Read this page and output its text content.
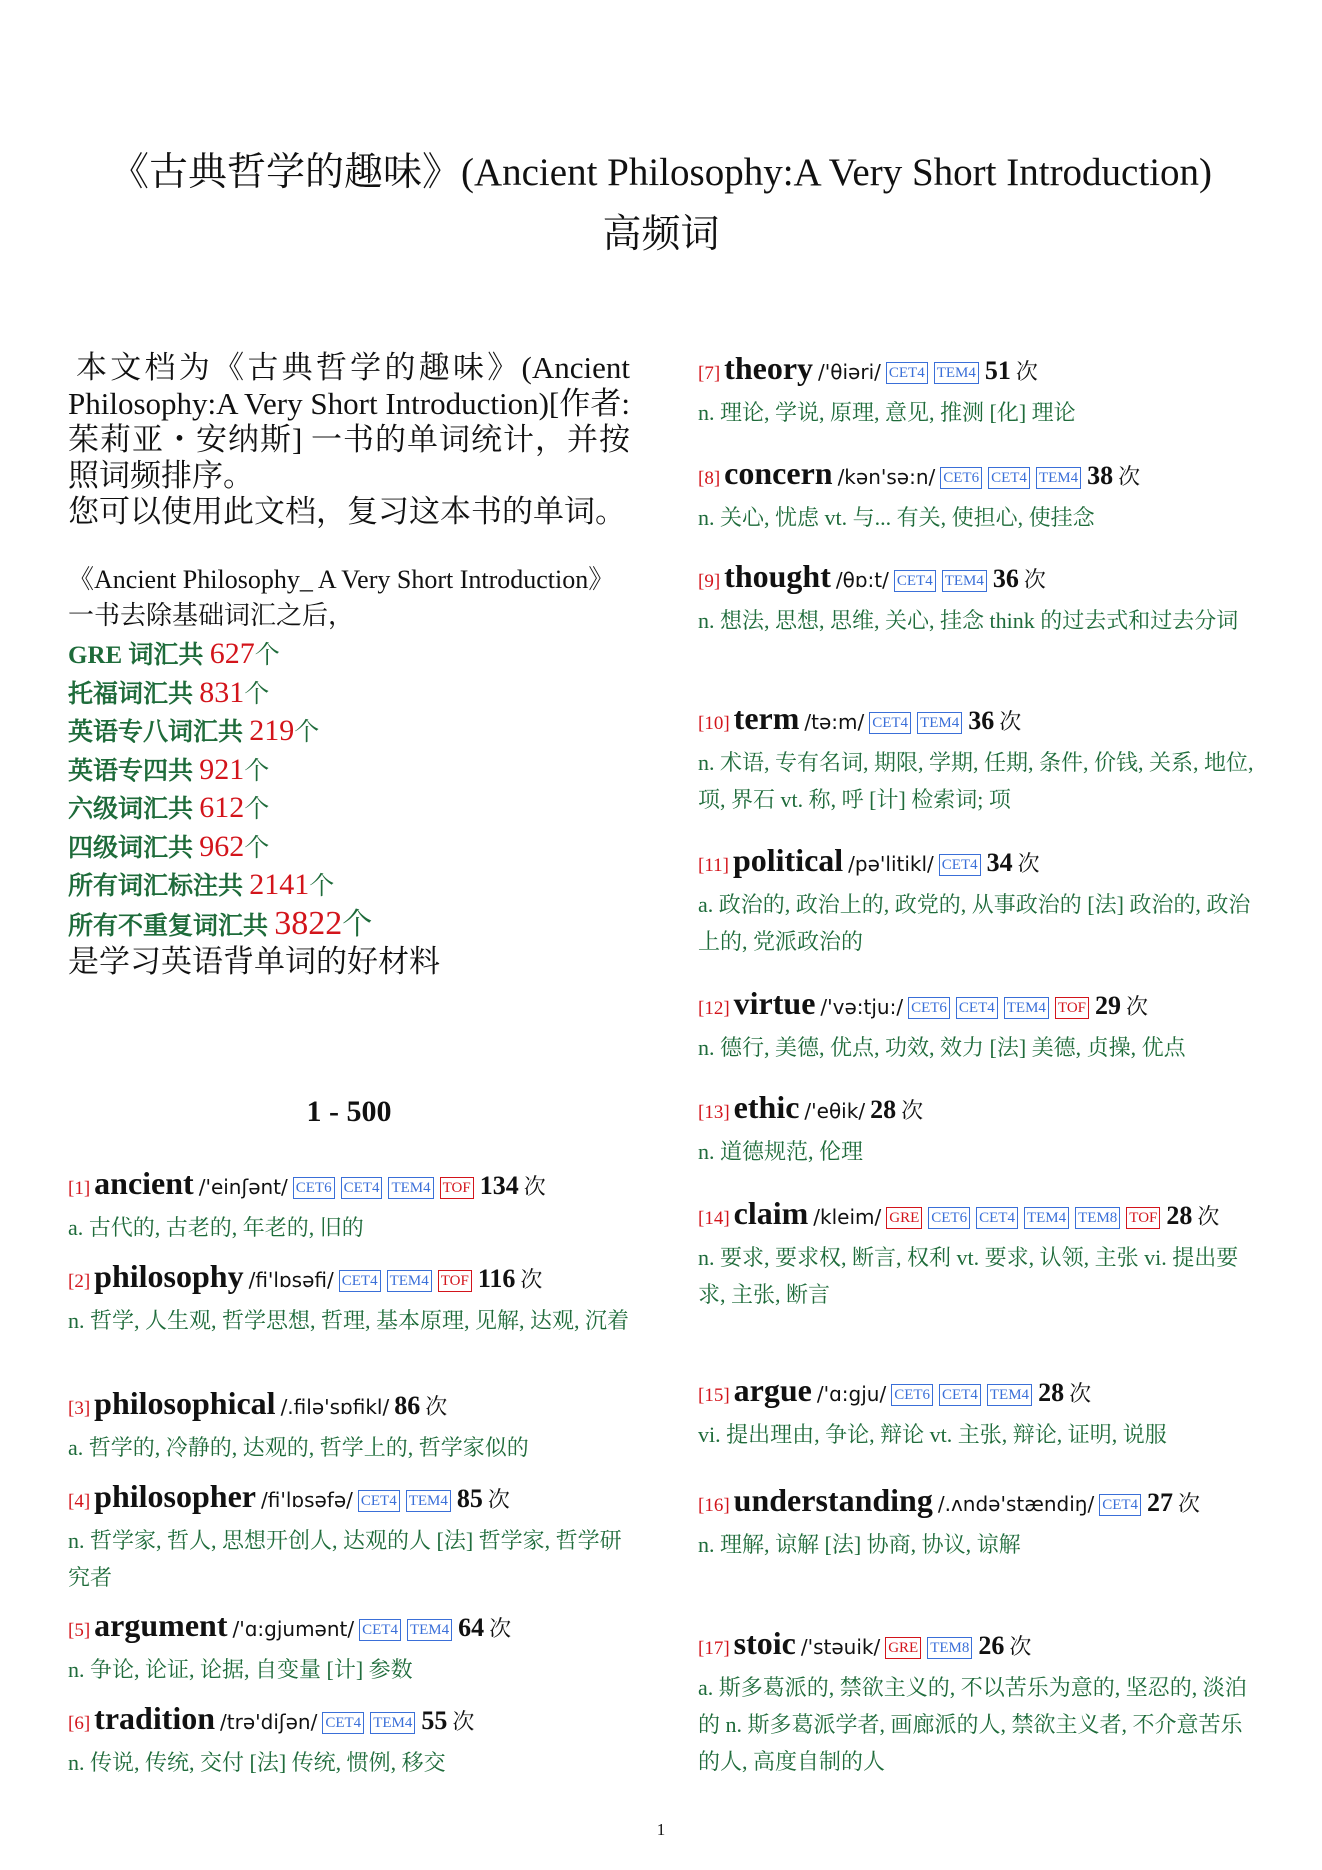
《古典哲学的趣味》(Ancient Philosophy:A Very Short Introduction)
高频词

本文档为《古典哲学的趣味》(Ancient Philosophy:A Very Short Introduction)[作者: 茱莉亚・安纳斯] 一书的单词统计，并按照词频排序。

您可以使用此文档，复习这本书的单词。

《Ancient Philosophy_ A Very Short Introduction》一书去除基础词汇之后，

GRE 词汇共 627个
托福词汇共 831个
英语专八词汇共 219个
英语专四共 921个
六级词汇共 612个
四级词汇共 962个
所有词汇标注共 2141个
所有不重复词汇共 3822个

是学习英语背单词的好材料

1 - 500
[1] ancient /'einʃənt/ CET6 CET4 TEM4 TOF 134 次

a. 古代的, 古老的, 年老的, 旧的

[2] philosophy /fi'lɒsəfi/ CET4 TEM4 TOF 116 次

n. 哲学, 人生观, 哲学思想, 哲理, 基本原理, 见解, 达观, 沉着

[3] philosophical /.filə'sɒfikl/ 86 次

a. 哲学的, 冷静的, 达观的, 哲学上的, 哲学家似的

[4] philosopher /fi'lɒsəfə/ CET4 TEM4 85 次

n. 哲学家, 哲人, 思想开创人, 达观的人 [法] 哲学家, 哲学研究者

[5] argument /'ɑ:gjumənt/ CET4 TEM4 64 次

n. 争论, 论证, 论据, 自变量 [计] 参数

[6] tradition /trə'diʃən/ CET4 TEM4 55 次

n. 传说, 传统, 交付 [法] 传统, 惯例, 移交

[7] theory /'θiəri/ CET4 TEM4 51 次

n. 理论, 学说, 原理, 意见, 推测 [化] 理论

[8] concern /kən'sə:n/ CET6 CET4 TEM4 38 次

n. 关心, 忧虑 vt. 与... 有关, 使担心, 使挂念

[9] thought /θɒ:t/ CET4 TEM4 36 次

n. 想法, 思想, 思维, 关心, 挂念 think 的过去式和过去分词

[10] term /tə:m/ CET4 TEM4 36 次

n. 术语, 专有名词, 期限, 学期, 任期, 条件, 价钱, 关系, 地位, 项, 界石 vt. 称, 呼 [计] 检索词; 项

[11] political /pə'litikl/ CET4 34 次

a. 政治的, 政治上的, 政党的, 从事政治的 [法] 政治的, 政治上的, 党派政治的

[12] virtue /'və:tju:/ CET6 CET4 TEM4 TOF 29 次

n. 德行, 美德, 优点, 功效, 效力 [法] 美德, 贞操, 优点

[13] ethic /'eθik/ 28 次

n. 道德规范, 伦理

[14] claim /kleim/ GRE CET6 CET4 TEM4 TEM8 TOF 28 次

n. 要求, 要求权, 断言, 权利 vt. 要求, 认领, 主张 vi. 提出要求, 主张, 断言

[15] argue /'ɑ:gju/ CET6 CET4 TEM4 28 次

vi. 提出理由, 争论, 辩论 vt. 主张, 辩论, 证明, 说服

[16] understanding /.ʌndə'stændiŋ/ CET4 27 次

n. 理解, 谅解 [法] 协商, 协议, 谅解

[17] stoic /'stəuik/ GRE TEM8 26 次

a. 斯多葛派的, 禁欲主义的, 不以苦乐为意的, 坚忍的, 淡泊的 n. 斯多葛派学者, 画廊派的人, 禁欲主义者, 不介意苦乐的人, 高度自制的人

1
